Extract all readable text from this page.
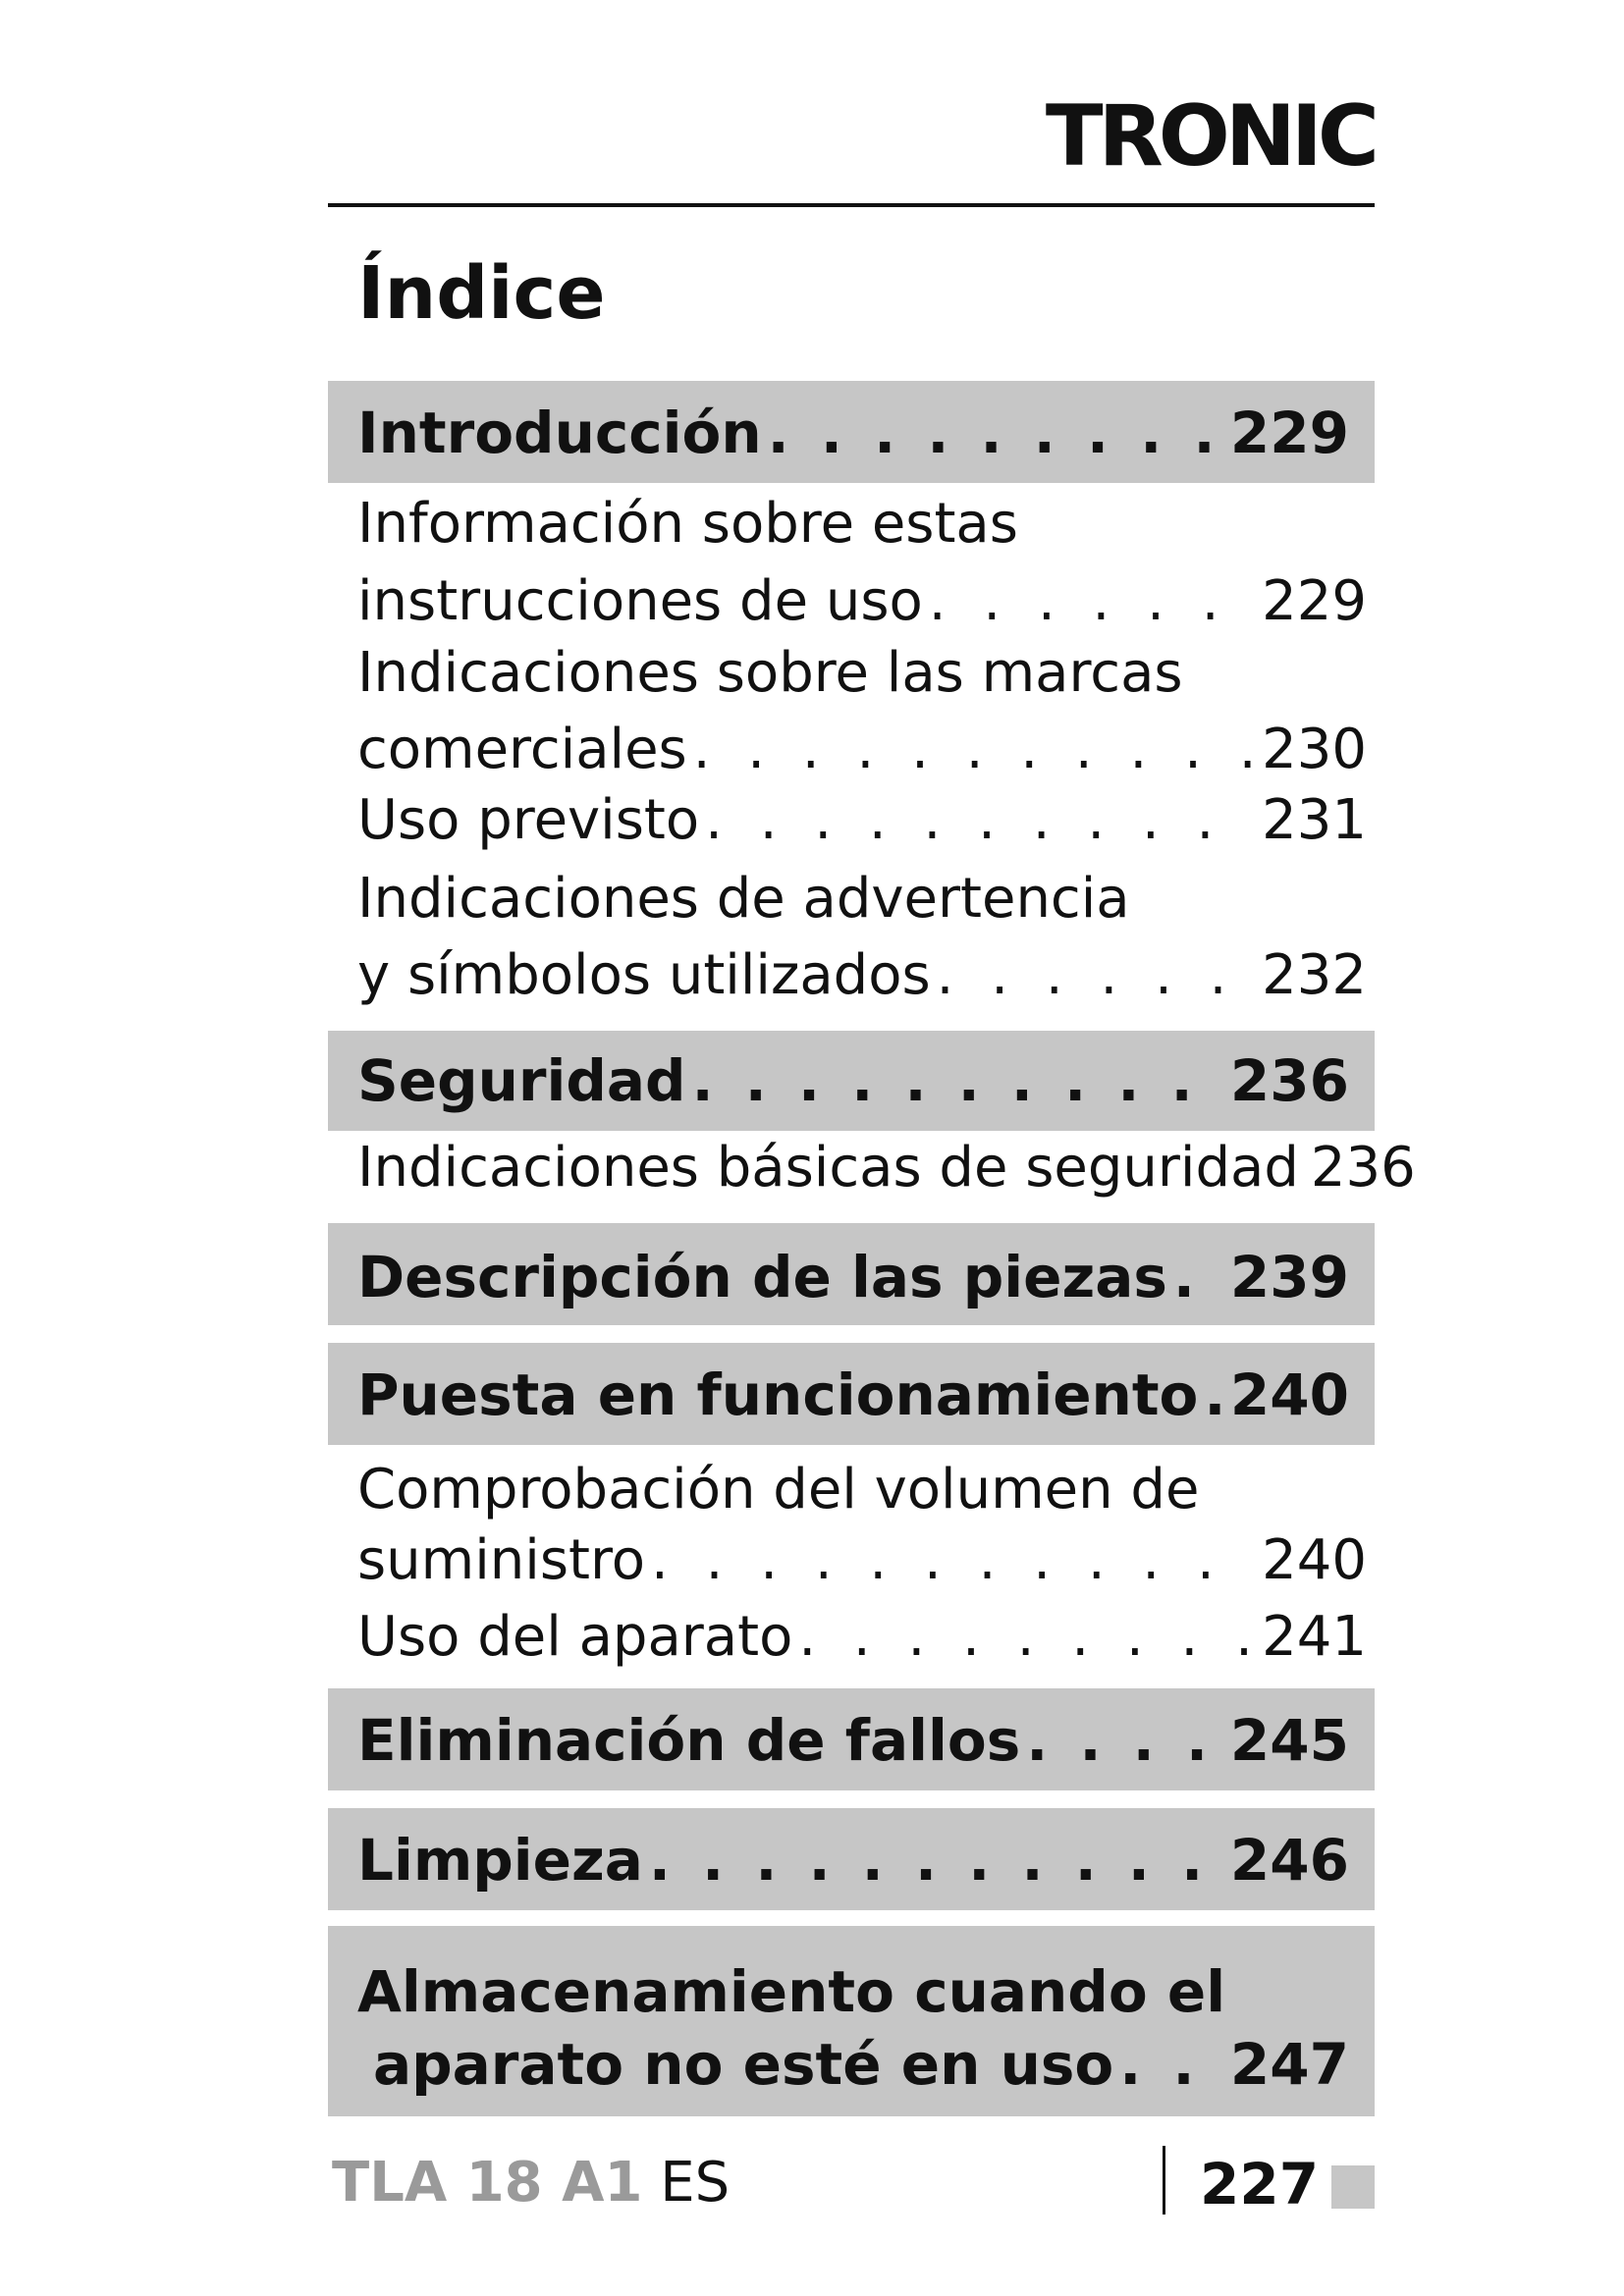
TRONIC
Índice
Introducción . . .	229
Información sobre estas
instrucciones de uso . . .	229
Indicaciones sobre las marcas
comerciales . . .	230
Uso previsto . . .	231
Indicaciones de advertencia
y símbolos utilizados . . .	232
Seguridad . . .	236
Indicaciones básicas de seguridad 236
Descripción de las piezas . . . 239
Puesta en funcionamiento . . . 240
Comprobación del volumen de
suministro . . .	240
Uso del aparato . . .	241
Eliminación de fallos . . .	245
Limpieza . . .	246
Almacenamiento cuando el
aparato no esté en uso . . . 247
TLA 18 A1 ES	227
